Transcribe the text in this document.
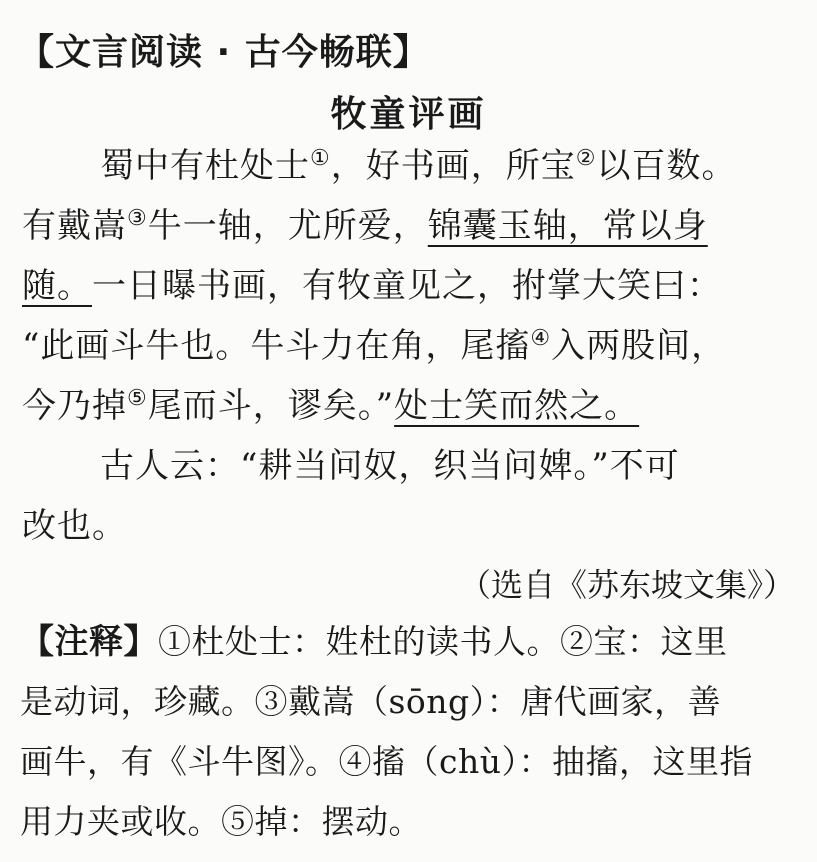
【文言阅读 · 古今畅联】
牧童评画
蜀中有杜处士①，好书画，所宝②以百数。
有戴嵩③牛一轴，尤所爱，锦囊玉轴，常以身
随。一日曝书画，有牧童见之，拊掌大笑曰：
“此画斗牛也。牛斗力在角，尾搐④入两股间，
今乃掉⑤尾而斗，谬矣。”处士笑而然之。
古人云：“耕当问奴，织当问婢。”不可
改也。
（选自《苏东坡文集》）
【注释】①杜处士：姓杜的读书人。②宝：这里
是动词，珍藏。③戴嵩（sōng）：唐代画家，善
画牛，有《斗牛图》。④搐（chù）：抽搐，这里指
用力夹或收。⑤掉：摆动。
